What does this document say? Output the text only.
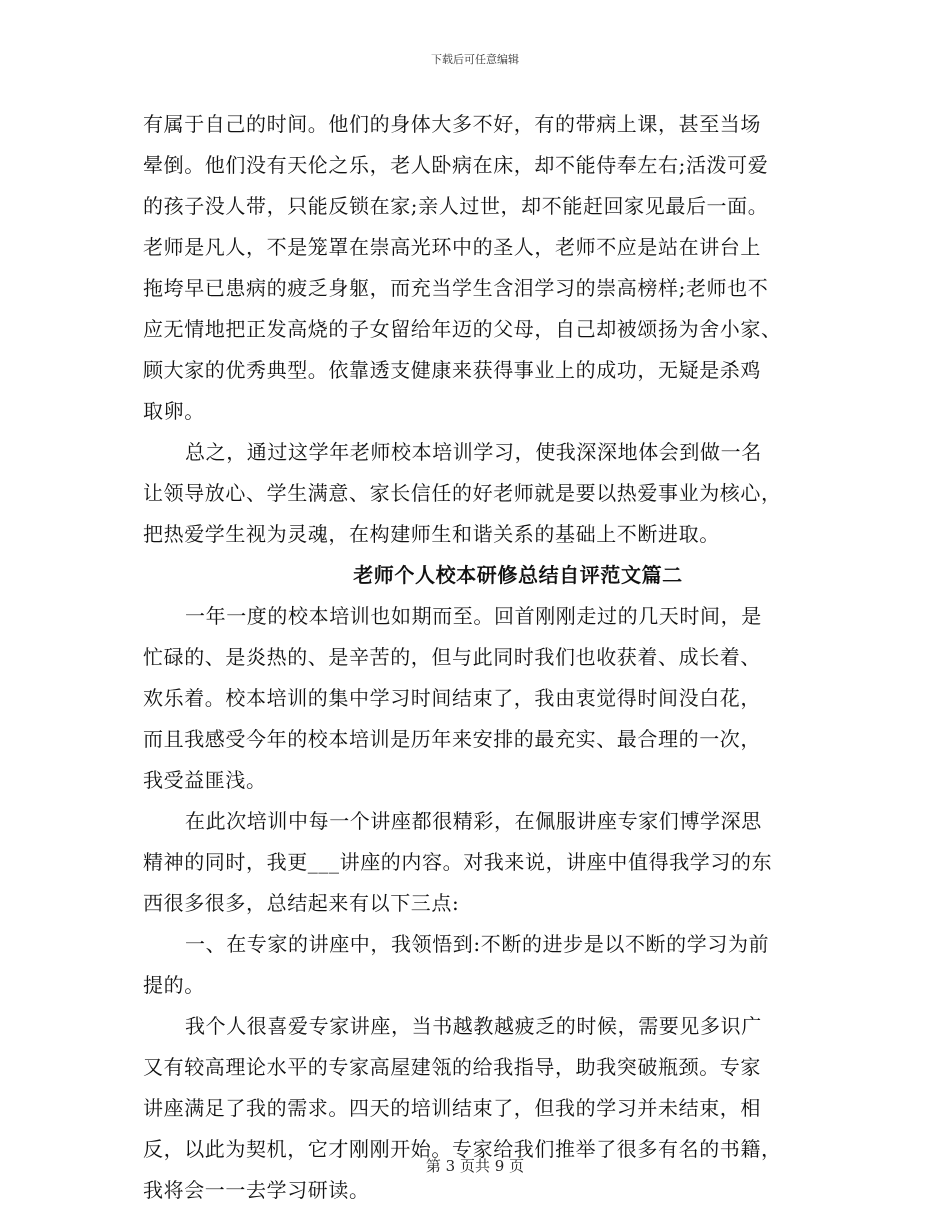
下载后可任意编辑
有属于自己的时间。他们的身体大多不好，有的带病上课，甚至当场
晕倒。他们没有天伦之乐，老人卧病在床，却不能侍奉左右;活泼可爱
的孩子没人带，只能反锁在家;亲人过世，却不能赶回家见最后一面。
老师是凡人，不是笼罩在崇高光环中的圣人，老师不应是站在讲台上
拖垮早已患病的疲乏身躯，而充当学生含泪学习的崇高榜样;老师也不
应无情地把正发高烧的子女留给年迈的父母，自己却被颂扬为舍小家、
顾大家的优秀典型。依靠透支健康来获得事业上的成功，无疑是杀鸡
取卵。
总之，通过这学年老师校本培训学习，使我深深地体会到做一名
让领导放心、学生满意、家长信任的好老师就是要以热爱事业为核心，
把热爱学生视为灵魂，在构建师生和谐关系的基础上不断进取。
老师个人校本研修总结自评范文篇二
一年一度的校本培训也如期而至。回首刚刚走过的几天时间，是
忙碌的、是炎热的、是辛苦的，但与此同时我们也收获着、成长着、
欢乐着。校本培训的集中学习时间结束了，我由衷觉得时间没白花，
而且我感受今年的校本培训是历年来安排的最充实、最合理的一次，
我受益匪浅。
在此次培训中每一个讲座都很精彩，在佩服讲座专家们博学深思
精神的同时，我更___讲座的内容。对我来说，讲座中值得我学习的东
西很多很多，总结起来有以下三点:
一、在专家的讲座中，我领悟到:不断的进步是以不断的学习为前
提的。
我个人很喜爱专家讲座，当书越教越疲乏的时候，需要见多识广
又有较高理论水平的专家高屋建瓴的给我指导，助我突破瓶颈。专家
讲座满足了我的需求。四天的培训结束了，但我的学习并未结束，相
反，以此为契机，它才刚刚开始。专家给我们推举了很多有名的书籍，
我将会一一去学习研读。
第 3 页共 9 页
